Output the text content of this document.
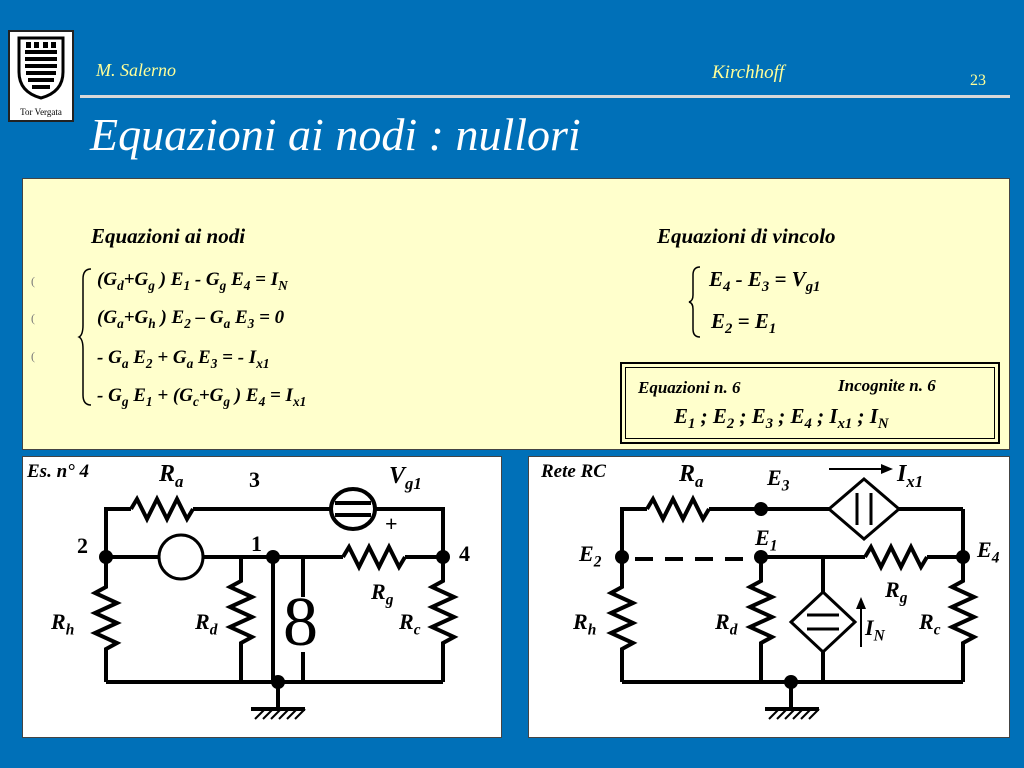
Tor Vergata
M. Salerno	Kirchhoff	23
Equazioni ai nodi : nullori
Equazioni ai nodi	Equazioni di vincolo
(
(
(
($G_d+G_g$ ) $E_1 - G_g$ $E_4 = I_N$
($G_a+G_h$ ) $E_2 - G_a$ $E_3 = 0$
- $G_a$ $E_2 + G_a$ $E_3$ = - $I_{x1}$
- $G_g$ $E_1 + (G_c+G_g$ ) $E_4 = I_{x1}$
$E_4 - E_3 = V_{g1}$
$E_2 = E_1$
Equazioni n. 6	Incognite n. 6
$E_1$ ; $E_2$ ; $E_3$ ; $E_4$ ; $I_{x1}$ ; $I_N$
Es. n° 4	$R_a$	3	$V_{g1}$
+
2	1	4
$R_g$
$R_h$	$R_d$ 8	$R_c$
Rete RC	$R_a$	$E_3$	$I_{x1}$
$E_1$
$E_2$	$E_4$
$R_g$
$R_h$	$R_d$	$I_N$
$R_c$
